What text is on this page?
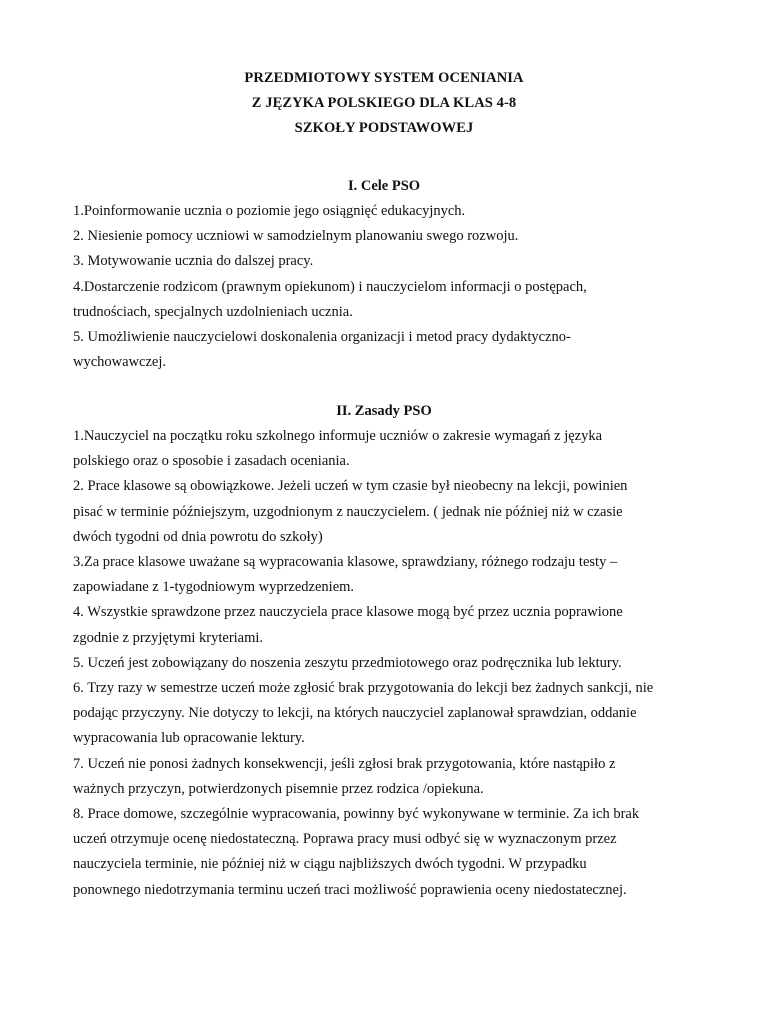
PRZEDMIOTOWY SYSTEM OCENIANIA
Z JĘZYKA POLSKIEGO DLA KLAS 4-8
SZKOŁY PODSTAWOWEJ
I. Cele PSO
1.Poinformowanie ucznia o poziomie jego osiągnięć edukacyjnych.
2. Niesienie pomocy uczniowi w samodzielnym planowaniu swego rozwoju.
3. Motywowanie ucznia do dalszej pracy.
4.Dostarczenie rodzicom (prawnym opiekunom) i nauczycielom informacji o postępach,
trudnościach, specjalnych uzdolnieniach ucznia.
5. Umożliwienie nauczycielowi doskonalenia organizacji i metod pracy dydaktyczno-
wychowawczej.
II. Zasady PSO
1.Nauczyciel na początku roku szkolnego informuje uczniów o zakresie wymagań z języka
polskiego oraz o sposobie i zasadach oceniania.
2. Prace klasowe są obowiązkowe. Jeżeli uczeń w tym czasie był nieobecny na lekcji, powinien
pisać w terminie późniejszym, uzgodnionym z nauczycielem. ( jednak nie później niż w czasie
dwóch tygodni od dnia powrotu do szkoły)
3.Za prace klasowe uważane są wypracowania klasowe, sprawdziany, różnego rodzaju testy –
zapowiadane z 1-tygodniowym wyprzedzeniem.
4. Wszystkie sprawdzone przez nauczyciela prace klasowe mogą być przez ucznia poprawione
zgodnie z przyjętymi kryteriami.
5. Uczeń jest zobowiązany do noszenia zeszytu przedmiotowego oraz podręcznika lub lektury.
6. Trzy razy w semestrze uczeń może zgłosić brak przygotowania do lekcji bez żadnych sankcji, nie
podając przyczyny. Nie dotyczy to lekcji, na których nauczyciel zaplanował sprawdzian, oddanie
wypracowania lub opracowanie lektury.
7. Uczeń nie ponosi żadnych konsekwencji, jeśli zgłosi brak przygotowania, które nastąpiło z
ważnych przyczyn, potwierdzonych pisemnie przez rodzica /opiekuna.
8. Prace domowe, szczególnie wypracowania, powinny być wykonywane w terminie. Za ich brak
uczeń otrzymuje ocenę niedostateczną. Poprawa pracy musi odbyć się w wyznaczonym przez
nauczyciela terminie, nie później niż w ciągu najbliższych dwóch tygodni. W przypadku
ponownego niedotrzymania terminu uczeń traci możliwość poprawienia oceny niedostatecznej.
